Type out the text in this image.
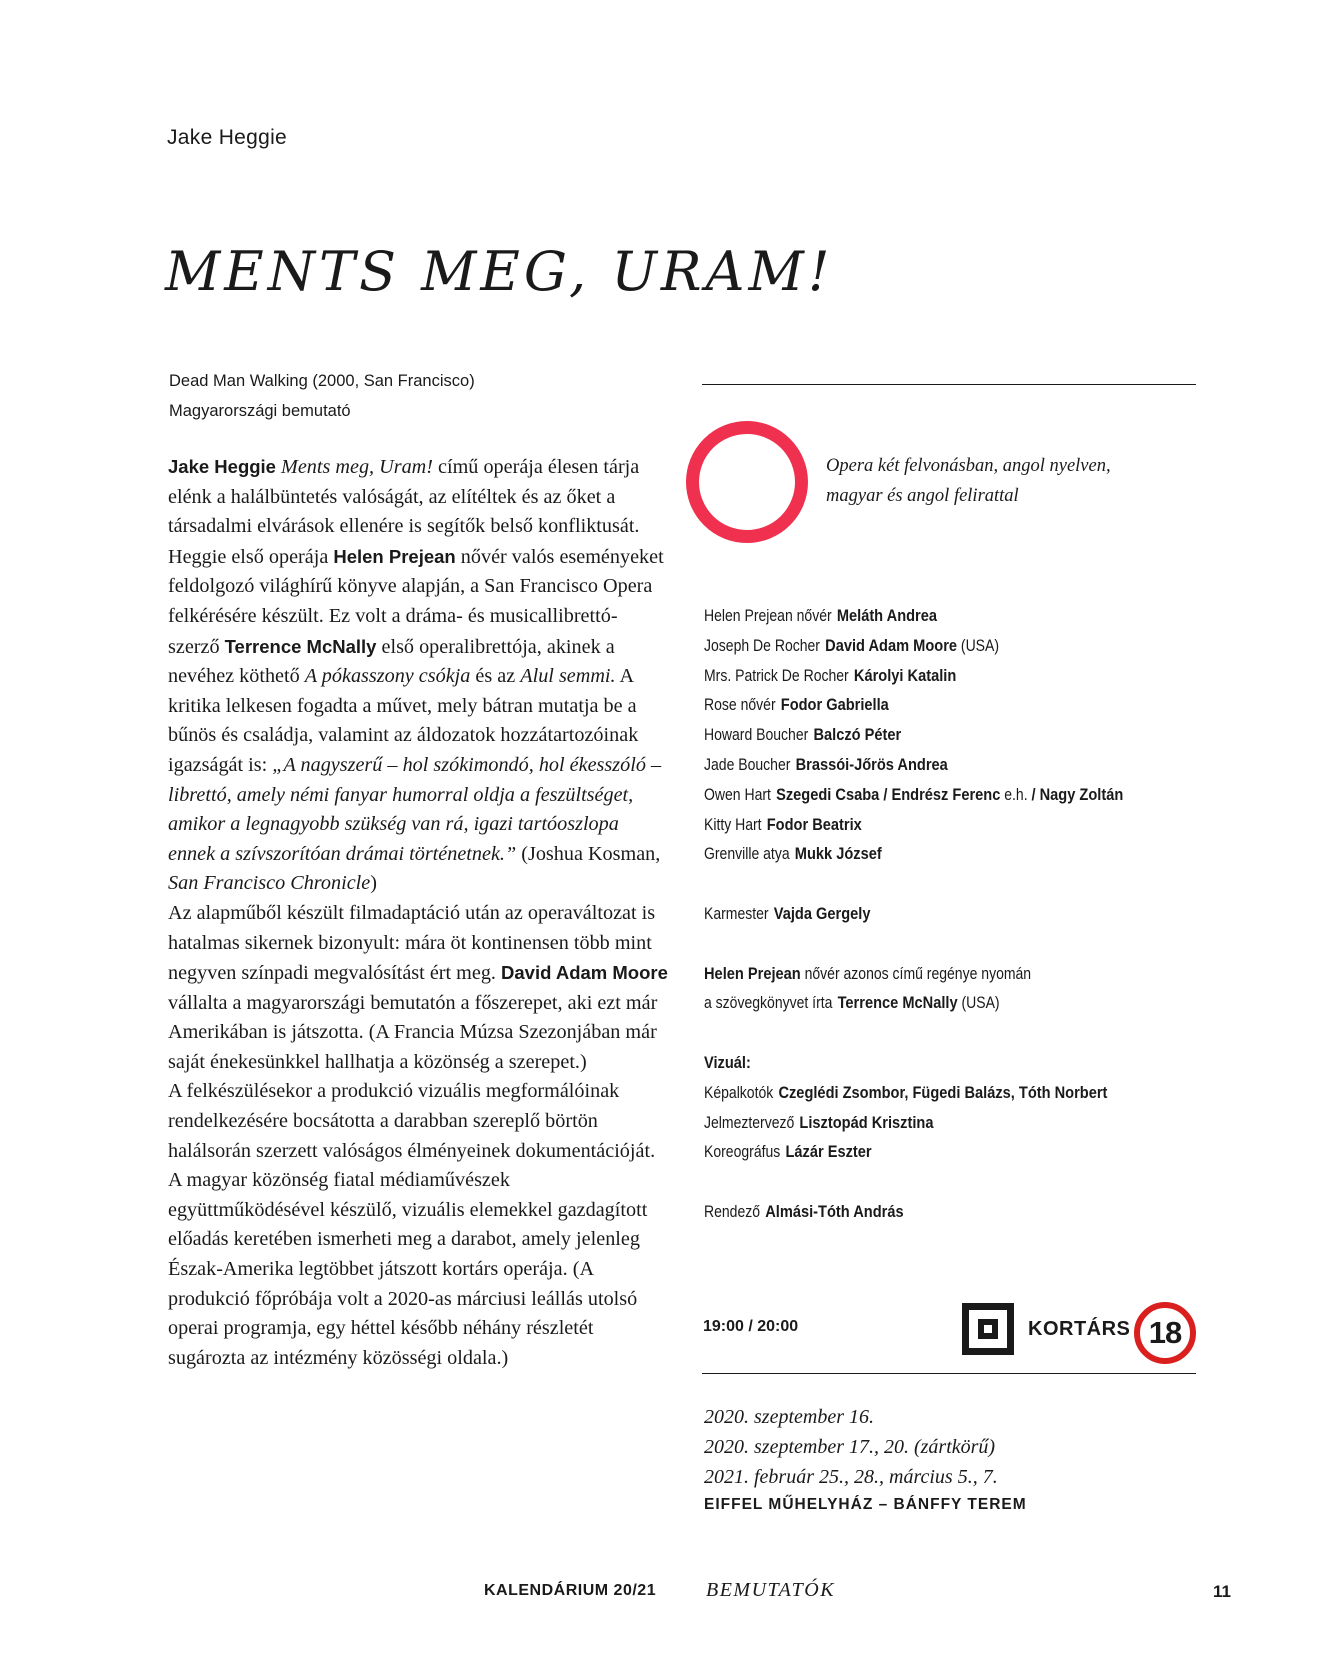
Jake Heggie
MENTS MEG, URAM!
Dead Man Walking (2000, San Francisco)
Magyarországi bemutató

Jake Heggie Ments meg, Uram! című operája élesen tárja elénk a halálbüntetés valóságát, az elítéltek és az őket a társadalmi elvárások ellenére is segítők belső konfliktusát.

Heggie első operája Helen Prejean nővér valós eseményeket feldolgozó világhírű könyve alapján, a San Francisco Opera felkérésére készült. Ez volt a dráma- és musicallibrettó-szerző Terrence McNally első operalibrettója, akinek a nevéhez köthető A pókasszony csókja és az Alul semmi. A kritika lelkesen fogadta a művet, mely bátran mutatja be a bűnös és családja, valamint az áldozatok hozzátartozóinak igazságát is: „A nagyszerű – hol szókimondó, hol ékesszóló – librettó, amely némi fanyar humorral oldja a feszültséget, amikor a legnagyobb szükség van rá, igazi tartóoszlopa ennek a szívszorítóan drámai történetnek.” (Joshua Kosman, San Francisco Chronicle)

Az alapműből készült filmadaptáció után az operaváltozat is hatalmas sikernek bizonyult: mára öt kontinensen több mint negyven színpadi megvalósítást ért meg. David Adam Moore vállalta a magyarországi bemutatón a főszerepet, aki ezt már Amerikában is játszotta. (A Francia Múzsa Szezonjában már saját énekesünkkel hallhatja a közönség a szerepet.)

A felkészülésekor a produkció vizuális megformálóinak rendelkezésére bocsátotta a darabban szereplő börtön halálsorán szerzett valóságos élményeinek dokumentációját. A magyar közönség fiatal médiaművészek együttműködésével készülő, vizuális elemekkel gazdagított előadás keretében ismerheti meg a darabot, amely jelenleg Észak-Amerika legtöbbet játszott kortárs operája. (A produkció főpróbája volt a 2020-as márciusi leállás utolsó operai programja, egy héttel később néhány részletét sugározta az intézmény közösségi oldala.)

Opera két felvonásban, angol nyelven,
magyar és angol felirattal
Helen Prejean nővér Meláth Andrea
Joseph De Rocher David Adam Moore (USA)
Mrs. Patrick De Rocher Károlyi Katalin
Rose nővér Fodor Gabriella
Howard Boucher Balczó Péter
Jade Boucher Brassói-Jőrös Andrea
Owen Hart Szegedi Csaba / Endrész Ferenc e.h. / Nagy Zoltán
Kitty Hart Fodor Beatrix
Grenville atya Mukk József
Karmester Vajda Gergely
Helen Prejean nővér azonos című regénye nyomán
a szövegkönyvet írta Terrence McNally (USA)
Vizuál:
Képalkotók Czeglédi Zsombor, Fügedi Balázs, Tóth Norbert
Jelmeztervező Lisztopád Krisztina
Koreográfus Lázár Eszter
Rendező Almási-Tóth András
19:00 / 20:00	KORTÁRS 18
2020. szeptember 16.
2020. szeptember 17., 20. (zártkörű)
2021. február 25., 28., március 5., 7.
EIFFEL MŰHELYHÁZ – BÁNFFY TEREM
KALENDÁRIUM 20/21 BEMUTATÓK	11
